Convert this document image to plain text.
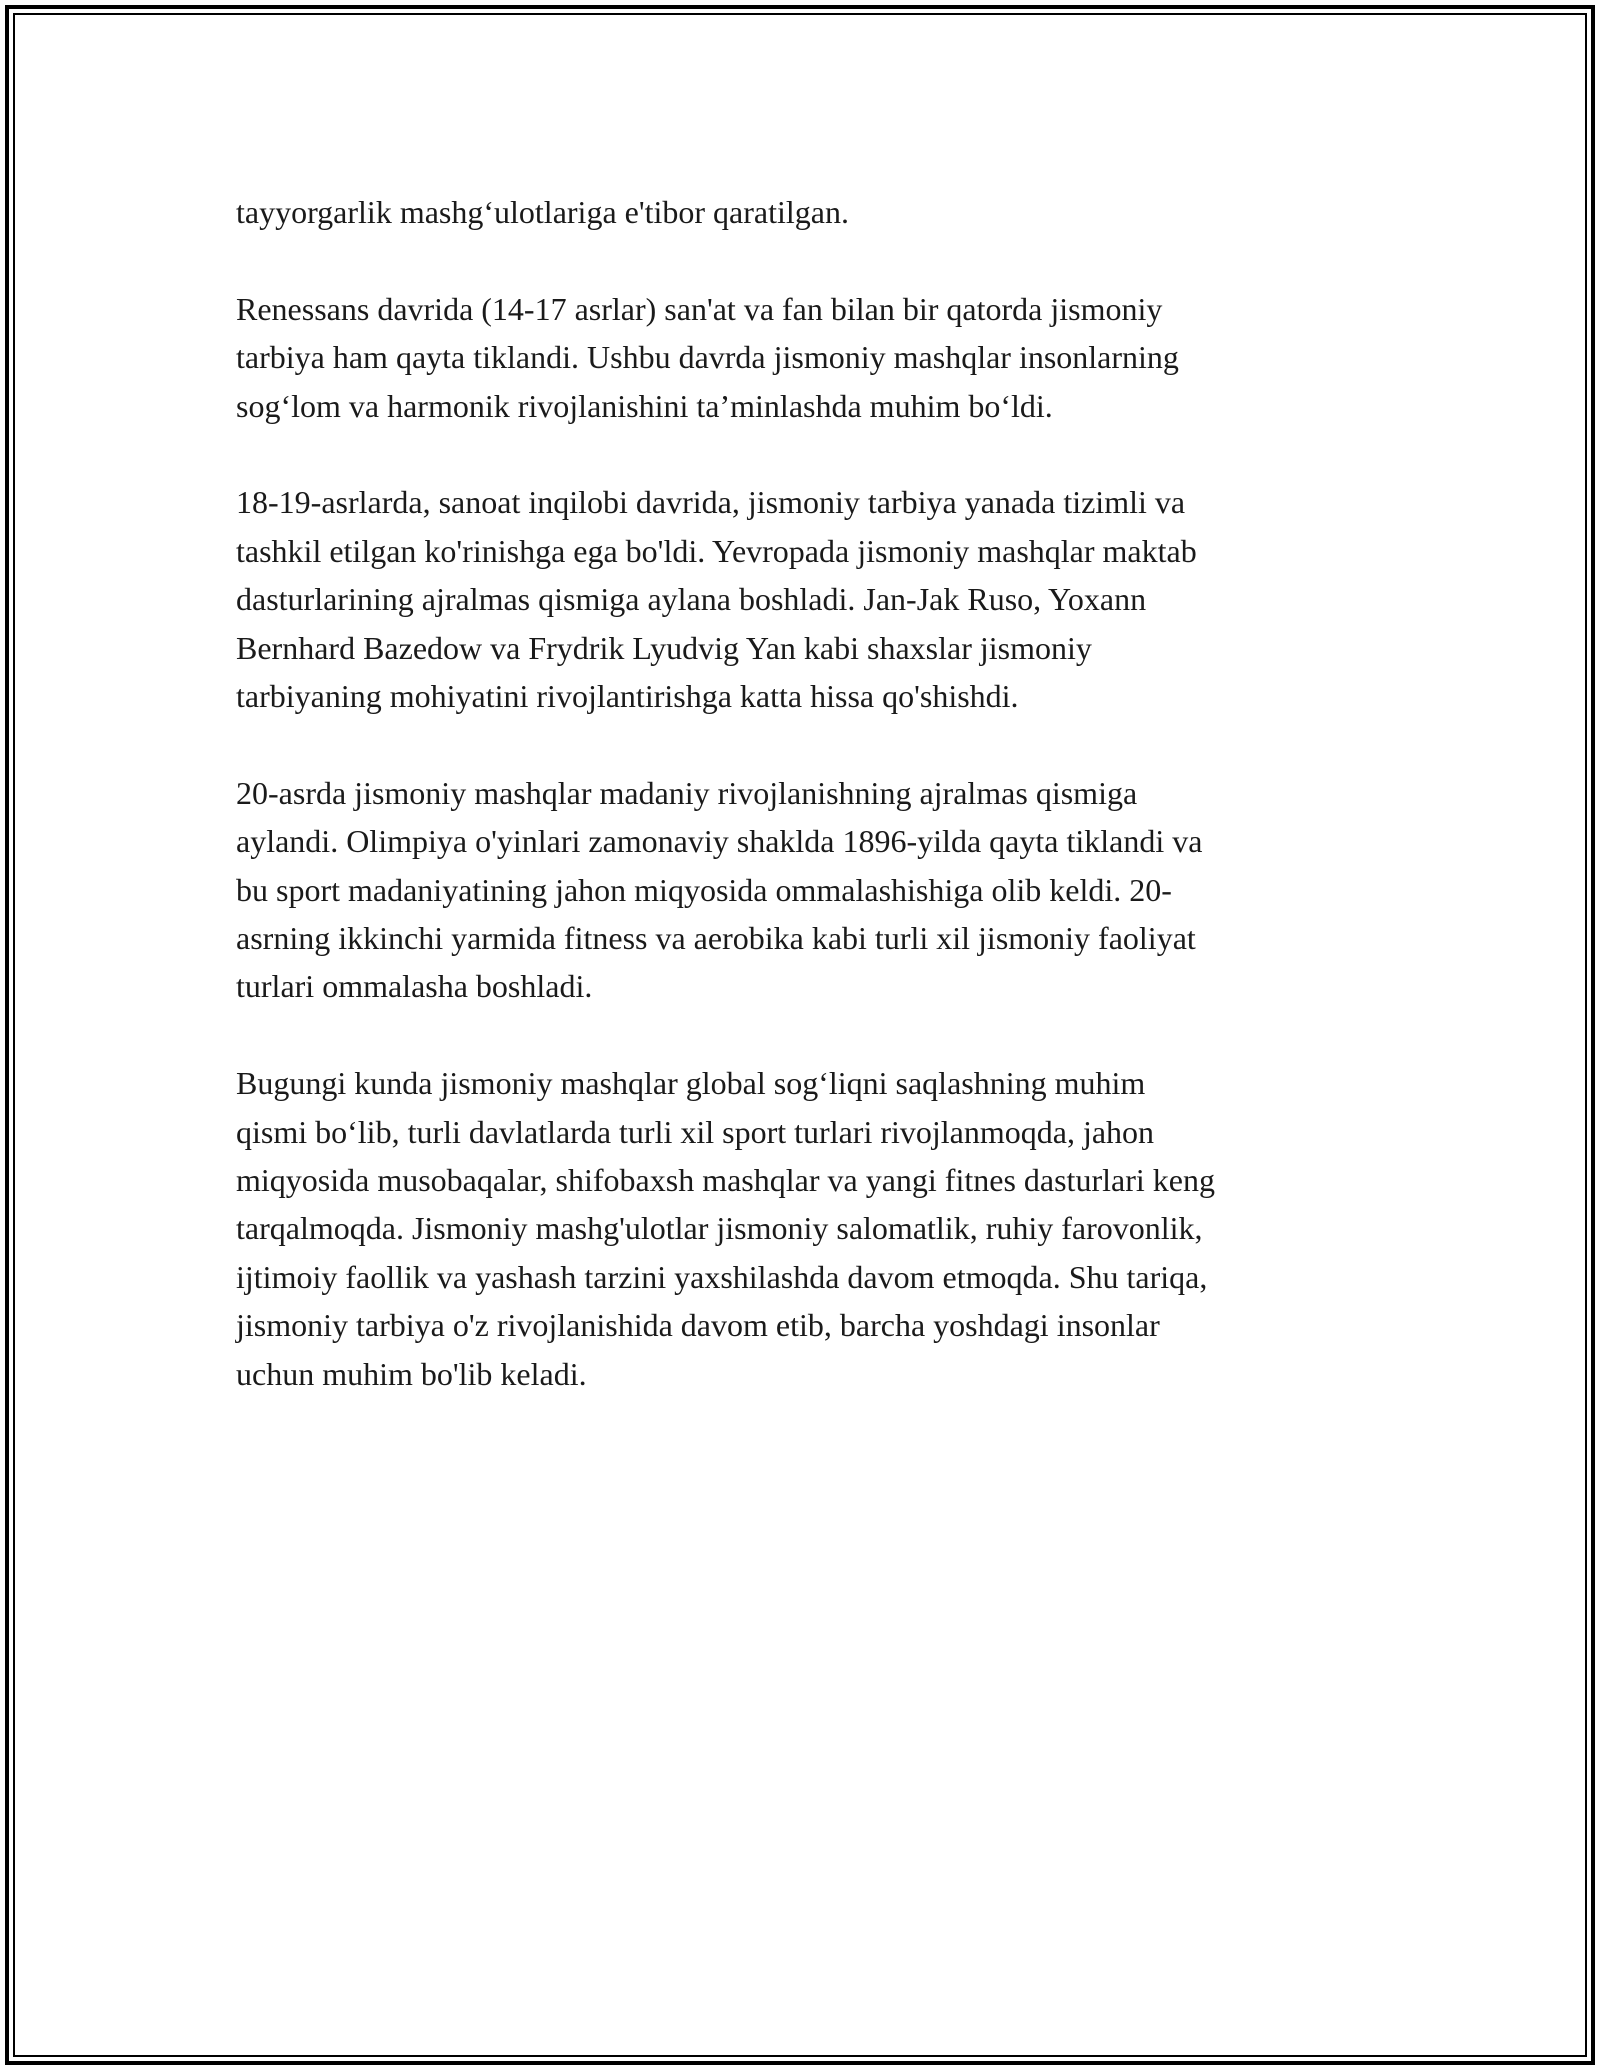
tayyorgarlik mashg‘ulotlariga e'tibor qaratilgan.

Renessans davrida (14-17 asrlar) san'at va fan bilan bir qatorda jismoniy
tarbiya ham qayta tiklandi. Ushbu davrda jismoniy mashqlar insonlarning
sog‘lom va harmonik rivojlanishini ta’minlashda muhim bo‘ldi.

18-19-asrlarda, sanoat inqilobi davrida, jismoniy tarbiya yanada tizimli va
tashkil etilgan ko'rinishga ega bo'ldi. Yevropada jismoniy mashqlar maktab
dasturlarining ajralmas qismiga aylana boshladi. Jan-Jak Ruso, Yoxann
Bernhard Bazedow va Frydrik Lyudvig Yan kabi shaxslar jismoniy
tarbiyaning mohiyatini rivojlantirishga katta hissa qo'shishdi.

20-asrda jismoniy mashqlar madaniy rivojlanishning ajralmas qismiga
aylandi. Olimpiya o'yinlari zamonaviy shaklda 1896-yilda qayta tiklandi va
bu sport madaniyatining jahon miqyosida ommalashishiga olib keldi. 20-
asrning ikkinchi yarmida fitness va aerobika kabi turli xil jismoniy faoliyat
turlari ommalasha boshladi.

Bugungi kunda jismoniy mashqlar global sog‘liqni saqlashning muhim
qismi bo‘lib, turli davlatlarda turli xil sport turlari rivojlanmoqda, jahon
miqyosida musobaqalar, shifobaxsh mashqlar va yangi fitnes dasturlari keng
tarqalmoqda. Jismoniy mashg'ulotlar jismoniy salomatlik, ruhiy farovonlik,
ijtimoiy faollik va yashash tarzini yaxshilashda davom etmoqda. Shu tariqa,
jismoniy tarbiya o'z rivojlanishida davom etib, barcha yoshdagi insonlar
uchun muhim bo'lib keladi.
